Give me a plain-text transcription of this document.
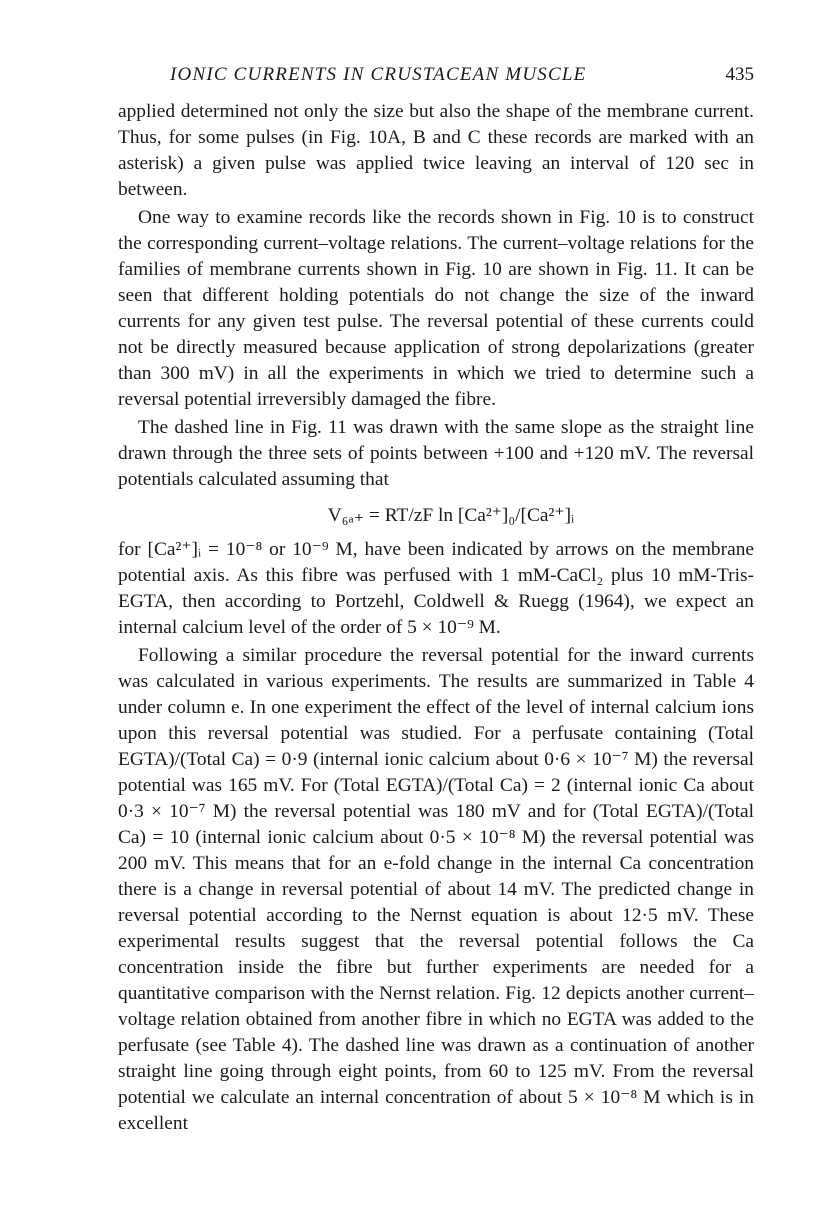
IONIC CURRENTS IN CRUSTACEAN MUSCLE	435

applied determined not only the size but also the shape of the membrane current. Thus, for some pulses (in Fig. 10A, B and C these records are marked with an asterisk) a given pulse was applied twice leaving an interval of 120 sec in between.

One way to examine records like the records shown in Fig. 10 is to construct the corresponding current–voltage relations. The current–voltage relations for the families of membrane currents shown in Fig. 10 are shown in Fig. 11. It can be seen that different holding potentials do not change the size of the inward currents for any given test pulse. The reversal potential of these currents could not be directly measured because application of strong depolarizations (greater than 300 mV) in all the experiments in which we tried to determine such a reversal potential irreversibly damaged the fibre.

The dashed line in Fig. 11 was drawn with the same slope as the straight line drawn through the three sets of points between +100 and +120 mV. The reversal potentials calculated assuming that

V₆ₐ₊ = RT/zF ln [Ca²⁺]₀/[Ca²⁺]ᵢ

for [Ca²⁺]ᵢ = 10⁻⁸ or 10⁻⁹ M, have been indicated by arrows on the membrane potential axis. As this fibre was perfused with 1 mM-CaCl₂ plus 10 mM-Tris-EGTA, then according to Portzehl, Coldwell & Ruegg (1964), we expect an internal calcium level of the order of 5 × 10⁻⁹ M.

Following a similar procedure the reversal potential for the inward currents was calculated in various experiments. The results are summarized in Table 4 under column e. In one experiment the effect of the level of internal calcium ions upon this reversal potential was studied. For a perfusate containing (Total EGTA)/(Total Ca) = 0·9 (internal ionic calcium about 0·6 × 10⁻⁷ M) the reversal potential was 165 mV. For (Total EGTA)/(Total Ca) = 2 (internal ionic Ca about 0·3 × 10⁻⁷ M) the reversal potential was 180 mV and for (Total EGTA)/(Total Ca) = 10 (internal ionic calcium about 0·5 × 10⁻⁸ M) the reversal potential was 200 mV. This means that for an e-fold change in the internal Ca concentration there is a change in reversal potential of about 14 mV. The predicted change in reversal potential according to the Nernst equation is about 12·5 mV. These experimental results suggest that the reversal potential follows the Ca concentration inside the fibre but further experiments are needed for a quantitative comparison with the Nernst relation. Fig. 12 depicts another current–voltage relation obtained from another fibre in which no EGTA was added to the perfusate (see Table 4). The dashed line was drawn as a continuation of another straight line going through eight points, from 60 to 125 mV. From the reversal potential we calculate an internal concentration of about 5 × 10⁻⁸ M which is in excellent
